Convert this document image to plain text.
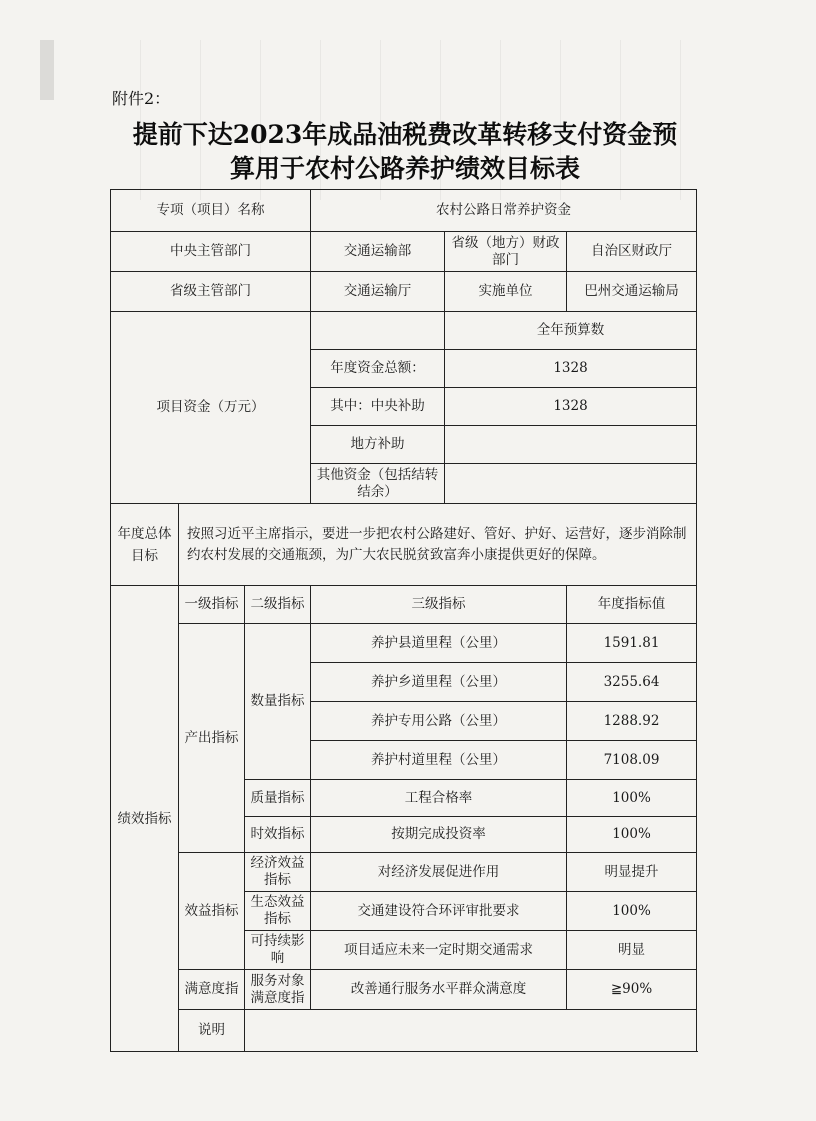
附件2：
提前下达2023年成品油税费改革转移支付资金预
算用于农村公路养护绩效目标表
专项（项目）名称			农村公路日常养护资金		
中央主管部门			交通运输部	省级（地方）财政部门	自治区财政厅
省级主管部门			交通运输厅	实施单位	巴州交通运输局
项目资金（万元）				全年预算数	
			年度资金总额：	1328	
			其中：中央补助	1328	
			地方补助		
			其他资金（包括结转结余）		
年度总体目标	按照习近平主席指示，要进一步把农村公路建好、管好、护好、运营好，逐步消除制约农村发展的交通瓶颈，为广大农民脱贫致富奔小康提供更好的保障。				
绩效指标	一级指标	二级指标	三级指标		年度指标值
	产出指标	数量指标	养护县道里程（公里）		1591.81
			养护乡道里程（公里）		3255.64
			养护专用公路（公里）		1288.92
			养护村道里程（公里）		7108.09
		质量指标	工程合格率		100%
		时效指标	按期完成投资率		100%
	效益指标	经济效益指标	对经济发展促进作用		明显提升
		生态效益指标	交通建设符合环评审批要求		100%
		可持续影响	项目适应未来一定时期交通需求		明显
	满意度指	服务对象满意度指	改善通行服务水平群众满意度		≧90%
	说明				
